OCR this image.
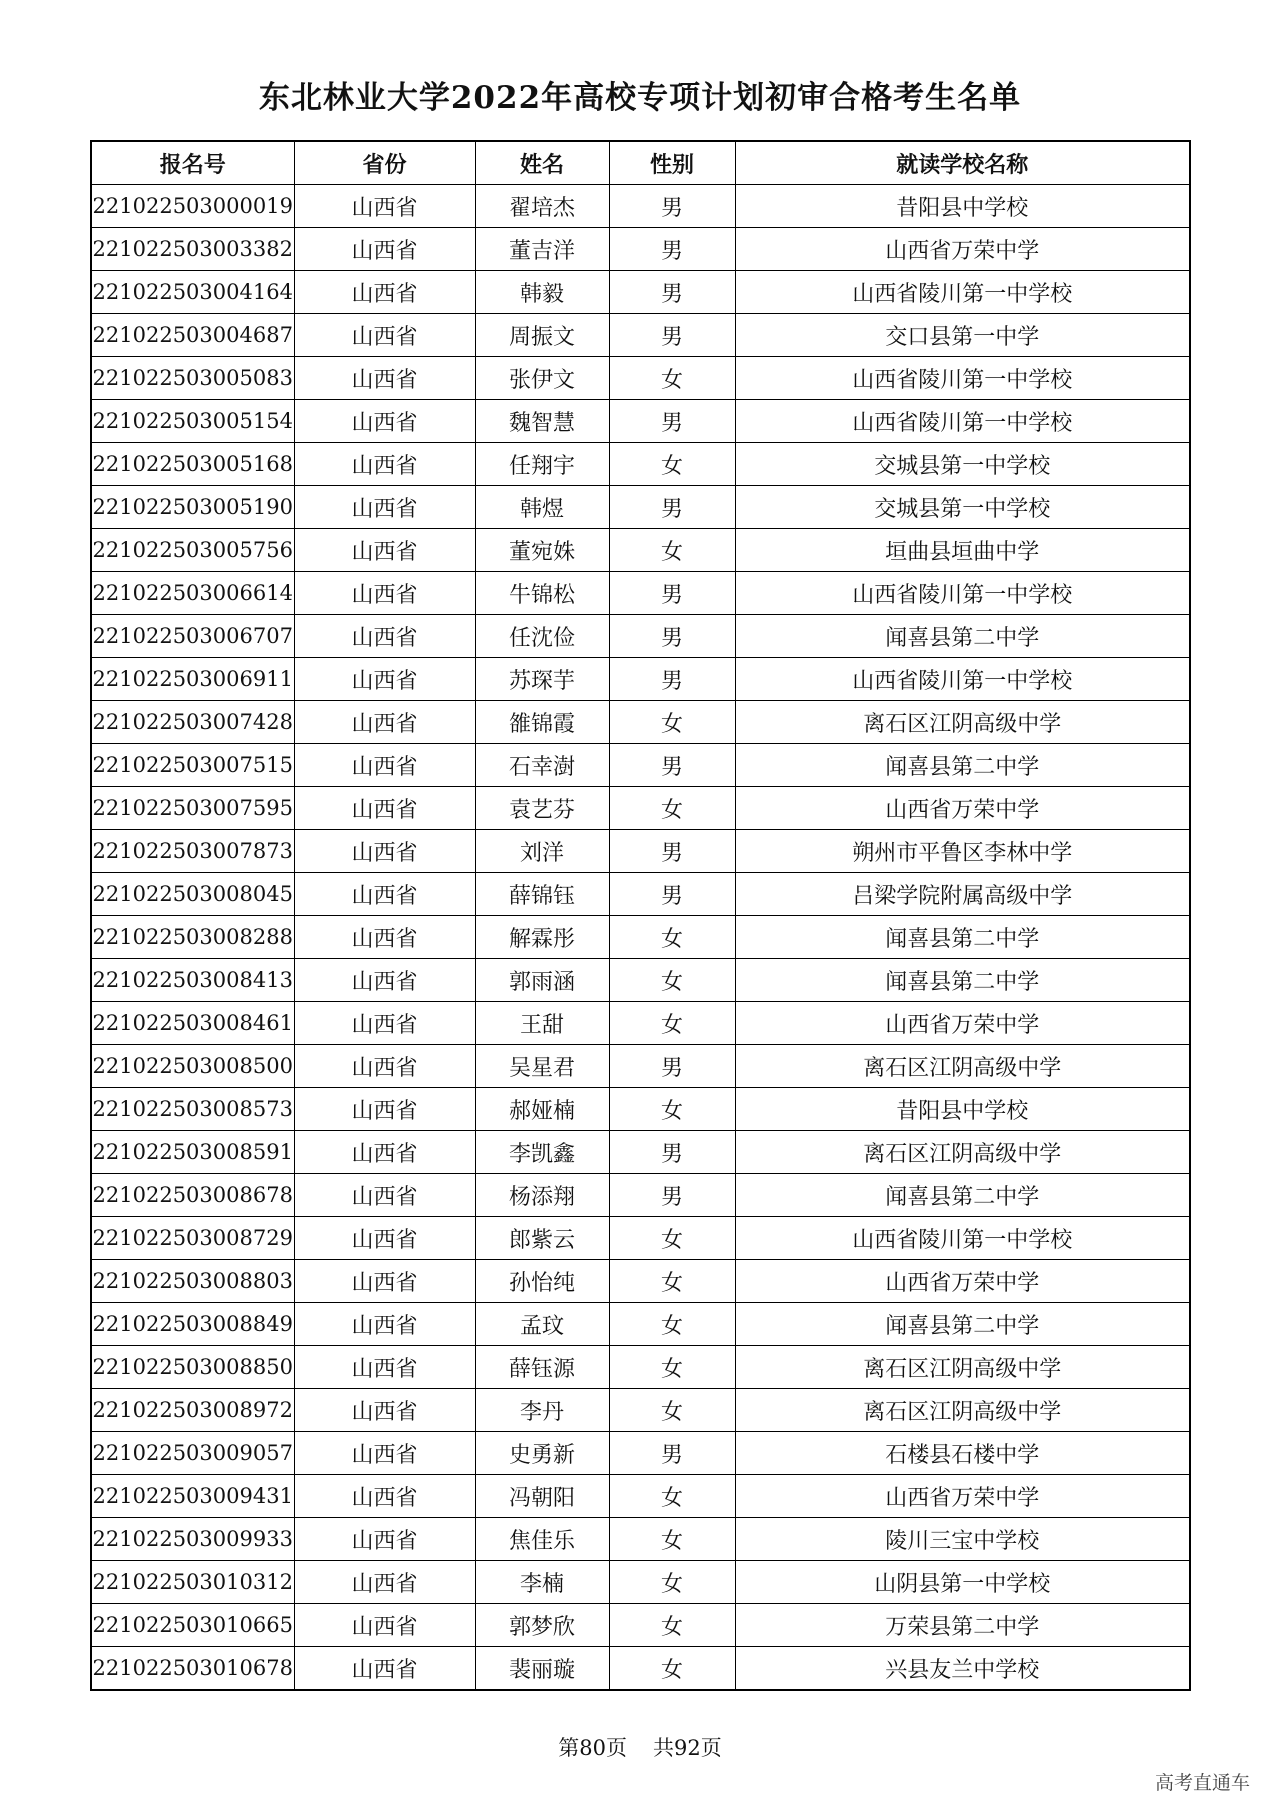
东北林业大学2022年高校专项计划初审合格考生名单
报名号	省份	姓名	性别	就读学校名称
221022503000019	山西省	翟培杰	男	昔阳县中学校
221022503003382	山西省	董吉洋	男	山西省万荣中学
221022503004164	山西省	韩毅	男	山西省陵川第一中学校
221022503004687	山西省	周振文	男	交口县第一中学
221022503005083	山西省	张伊文	女	山西省陵川第一中学校
221022503005154	山西省	魏智慧	男	山西省陵川第一中学校
221022503005168	山西省	任翔宇	女	交城县第一中学校
221022503005190	山西省	韩煜	男	交城县第一中学校
221022503005756	山西省	董宛姝	女	垣曲县垣曲中学
221022503006614	山西省	牛锦松	男	山西省陵川第一中学校
221022503006707	山西省	任沈俭	男	闻喜县第二中学
221022503006911	山西省	苏琛芋	男	山西省陵川第一中学校
221022503007428	山西省	雒锦霞	女	离石区江阴高级中学
221022503007515	山西省	石幸澍	男	闻喜县第二中学
221022503007595	山西省	袁艺芬	女	山西省万荣中学
221022503007873	山西省	刘洋	男	朔州市平鲁区李林中学
221022503008045	山西省	薛锦钰	男	吕梁学院附属高级中学
221022503008288	山西省	解霖彤	女	闻喜县第二中学
221022503008413	山西省	郭雨涵	女	闻喜县第二中学
221022503008461	山西省	王甜	女	山西省万荣中学
221022503008500	山西省	吴星君	男	离石区江阴高级中学
221022503008573	山西省	郝娅楠	女	昔阳县中学校
221022503008591	山西省	李凯鑫	男	离石区江阴高级中学
221022503008678	山西省	杨添翔	男	闻喜县第二中学
221022503008729	山西省	郎紫云	女	山西省陵川第一中学校
221022503008803	山西省	孙怡纯	女	山西省万荣中学
221022503008849	山西省	孟玟	女	闻喜县第二中学
221022503008850	山西省	薛钰源	女	离石区江阴高级中学
221022503008972	山西省	李丹	女	离石区江阴高级中学
221022503009057	山西省	史勇新	男	石楼县石楼中学
221022503009431	山西省	冯朝阳	女	山西省万荣中学
221022503009933	山西省	焦佳乐	女	陵川三宝中学校
221022503010312	山西省	李楠	女	山阴县第一中学校
221022503010665	山西省	郭梦欣	女	万荣县第二中学
221022503010678	山西省	裴丽璇	女	兴县友兰中学校
第80页 共92页
高考直通车
